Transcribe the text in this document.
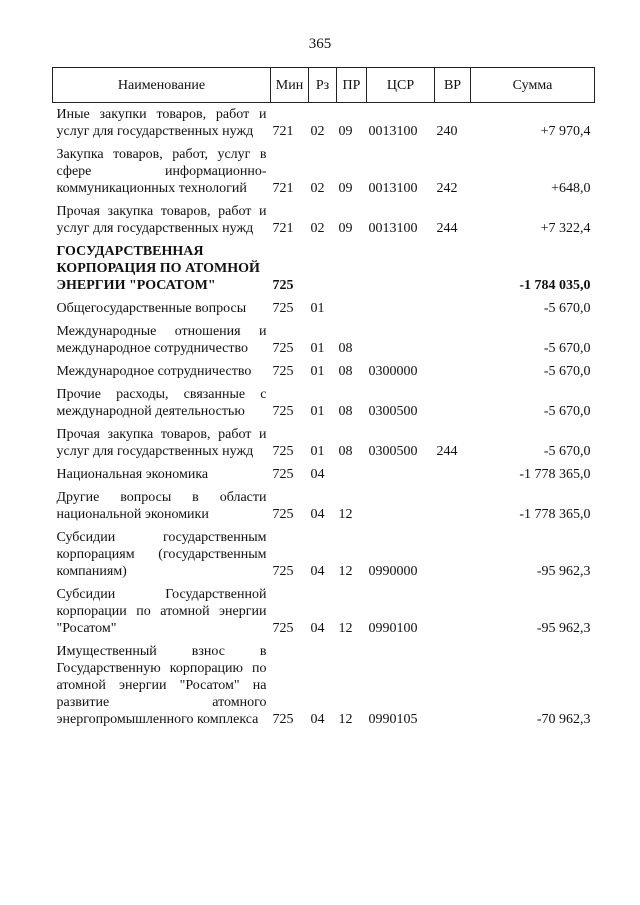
365
Наименование	Мин	Рз	ПР	ЦСР	ВР	Сумма
Иные закупки товаров, работ и услуг для государственных нужд	721	02	09	0013100	240	+7 970,4
Закупка товаров, работ, услуг в сфере информационно-коммуникационных технологий	721	02	09	0013100	242	+648,0
Прочая закупка товаров, работ и услуг для государственных нужд	721	02	09	0013100	244	+7 322,4
ГОСУДАРСТВЕННАЯ КОРПОРАЦИЯ ПО АТОМНОЙ ЭНЕРГИИ "РОСАТОМ"	725					-1 784 035,0
Общегосударственные вопросы	725	01				-5 670,0
Международные отношения и международное сотрудничество	725	01	08			-5 670,0
Международное сотрудничество	725	01	08	0300000		-5 670,0
Прочие расходы, связанные с международной деятельностью	725	01	08	0300500		-5 670,0
Прочая закупка товаров, работ и услуг для государственных нужд	725	01	08	0300500	244	-5 670,0
Национальная экономика	725	04				-1 778 365,0
Другие вопросы в области национальной экономики	725	04	12			-1 778 365,0
Субсидии государственным корпорациям (государственным компаниям)	725	04	12	0990000		-95 962,3
Субсидии Государственной корпорации по атомной энергии "Росатом"	725	04	12	0990100		-95 962,3
Имущественный взнос в Государственную корпорацию по атомной энергии "Росатом" на развитие атомного энергопромышленного комплекса	725	04	12	0990105		-70 962,3
